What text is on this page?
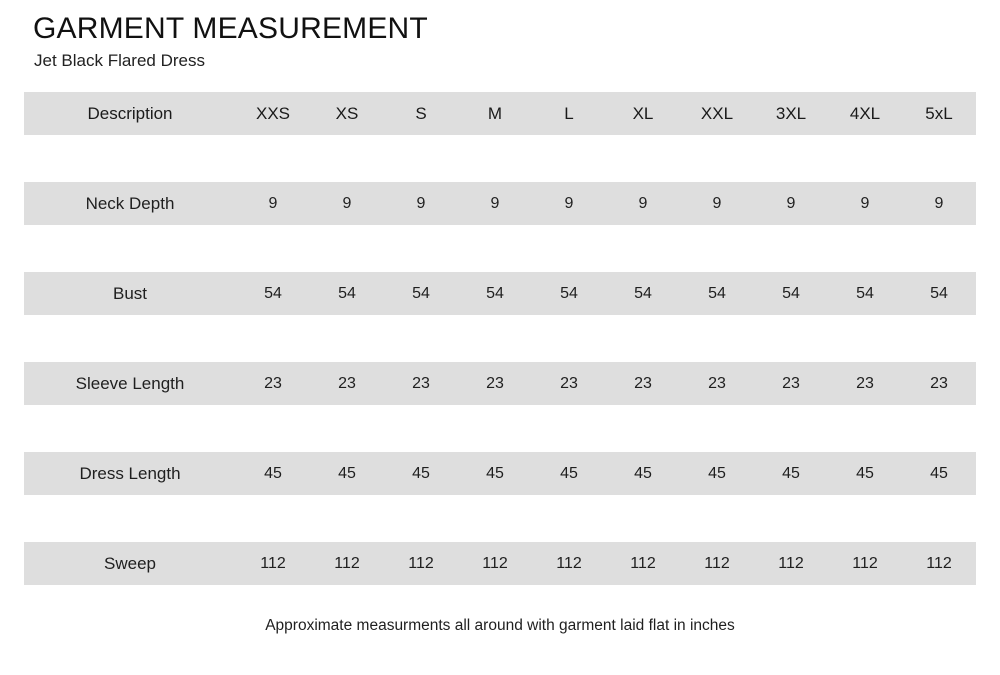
GARMENT MEASUREMENT
Jet Black Flared Dress
Description	XXS	XS	S	M	L	XL	XXL	3XL	4XL	5xL
Neck Depth	9	9	9	9	9	9	9	9	9	9
Bust	54	54	54	54	54	54	54	54	54	54
Sleeve Length	23	23	23	23	23	23	23	23	23	23
Dress Length	45	45	45	45	45	45	45	45	45	45
Sweep	112	112	112	112	112	112	112	112	112	112
Approximate measurments all around with garment laid flat in inches
